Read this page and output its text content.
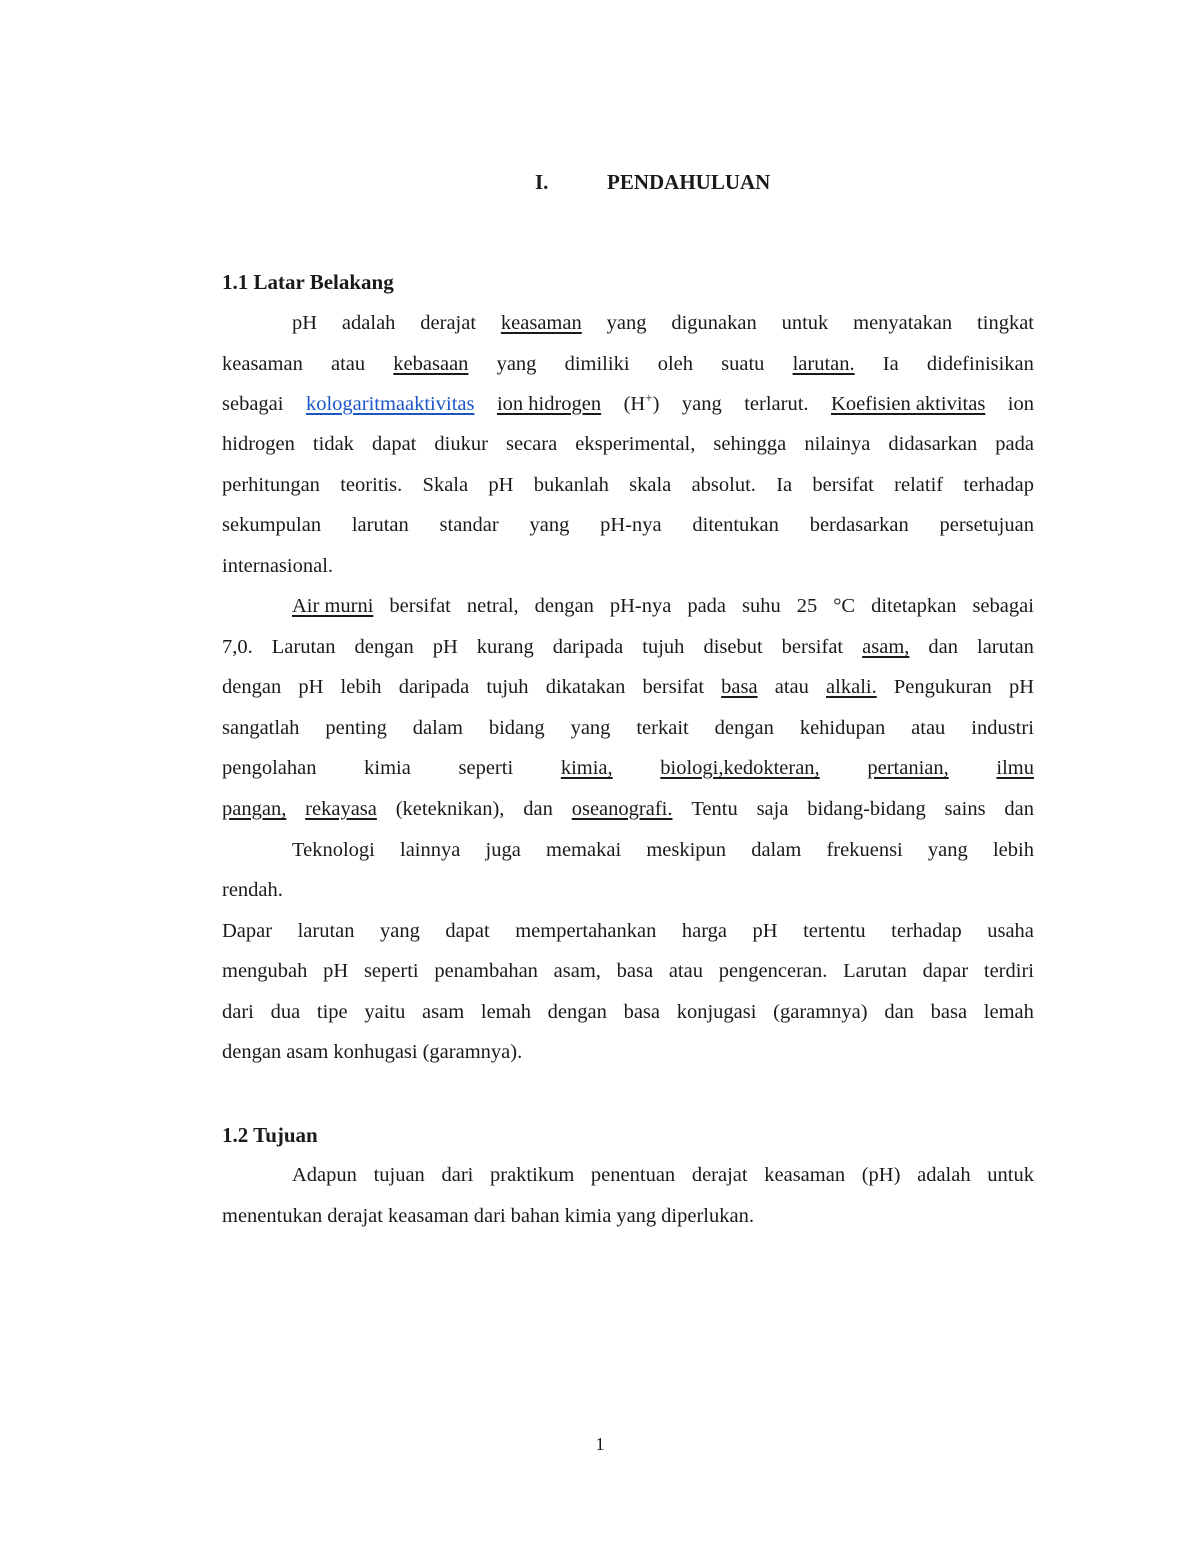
I.	PENDAHULUAN
1.1 Latar Belakang
pH adalah derajat keasaman yang digunakan untuk menyatakan tingkat
keasaman atau kebasaan yang dimiliki oleh suatu larutan. Ia didefinisikan
sebagai kologaritmaaktivitas ion hidrogen (H+) yang terlarut. Koefisien aktivitas ion
hidrogen tidak dapat diukur secara eksperimental, sehingga nilainya didasarkan pada
perhitungan teoritis. Skala pH bukanlah skala absolut. Ia bersifat relatif terhadap
sekumpulan larutan standar yang pH-nya ditentukan berdasarkan persetujuan
internasional.
Air murni bersifat netral, dengan pH-nya pada suhu 25 °C ditetapkan sebagai
7,0. Larutan dengan pH kurang daripada tujuh disebut bersifat asam, dan larutan
dengan pH lebih daripada tujuh dikatakan bersifat basa atau alkali. Pengukuran pH
sangatlah penting dalam bidang yang terkait dengan kehidupan atau industri
pengolahan kimia seperti kimia, biologi,kedokteran, pertanian, ilmu
pangan, rekayasa (keteknikan), dan oseanografi. Tentu saja bidang-bidang sains dan
Teknologi lainnya juga memakai meskipun dalam frekuensi yang lebih
rendah.
Dapar larutan yang dapat mempertahankan harga pH tertentu terhadap usaha
mengubah pH seperti penambahan asam, basa atau pengenceran. Larutan dapar terdiri
dari dua tipe yaitu asam lemah dengan basa konjugasi (garamnya) dan basa lemah
dengan asam konhugasi (garamnya).
1.2 Tujuan
Adapun tujuan dari praktikum penentuan derajat keasaman (pH) adalah untuk
menentukan derajat keasaman dari bahan kimia yang diperlukan.
1
